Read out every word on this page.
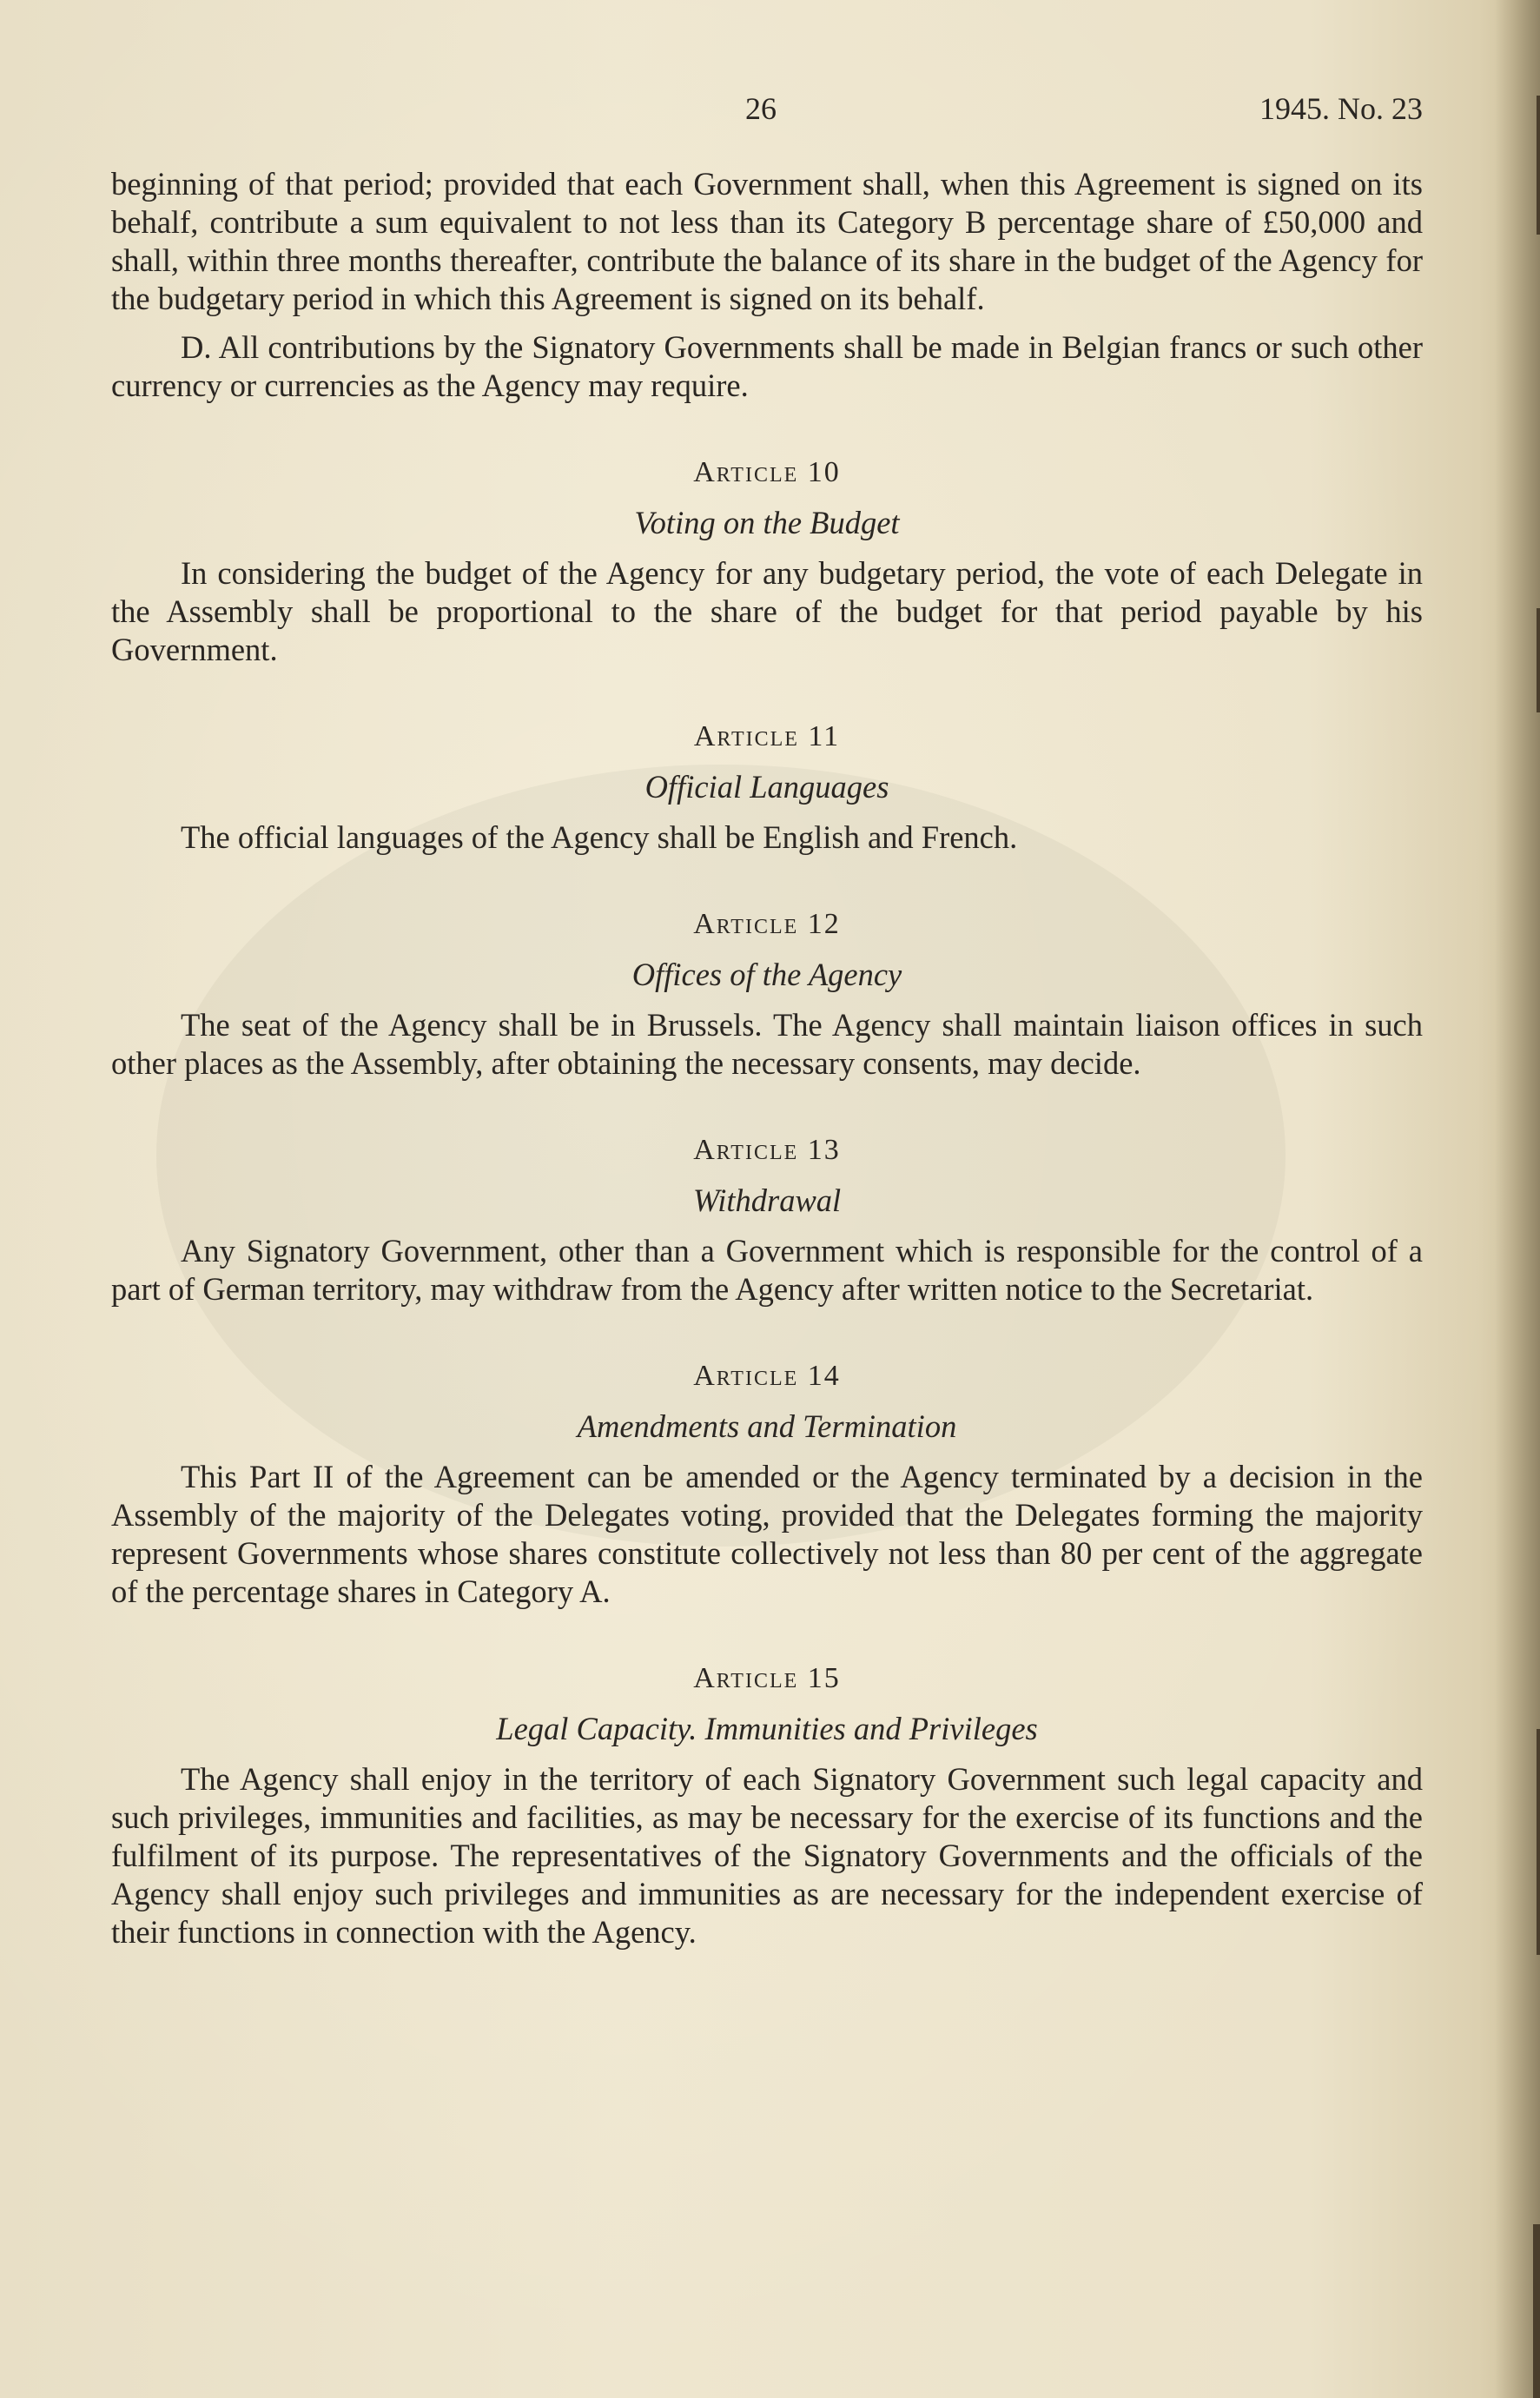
26	1945. No. 23

beginning of that period; provided that each Government shall, when this Agreement is signed on its behalf, contribute a sum equivalent to not less than its Category B percentage share of £50,000 and shall, within three months thereafter, contribute the balance of its share in the budget of the Agency for the budgetary period in which this Agreement is signed on its behalf.

D. All contributions by the Signatory Governments shall be made in Belgian francs or such other currency or currencies as the Agency may require.

Article 10

Voting on the Budget

In considering the budget of the Agency for any budgetary period, the vote of each Delegate in the Assembly shall be proportional to the share of the budget for that period payable by his Government.

Article 11

Official Languages

The official languages of the Agency shall be English and French.

Article 12

Offices of the Agency

The seat of the Agency shall be in Brussels. The Agency shall maintain liaison offices in such other places as the Assembly, after obtaining the necessary consents, may decide.

Article 13

Withdrawal

Any Signatory Government, other than a Government which is responsible for the control of a part of German territory, may withdraw from the Agency after written notice to the Secretariat.

Article 14

Amendments and Termination

This Part II of the Agreement can be amended or the Agency terminated by a decision in the Assembly of the majority of the Delegates voting, provided that the Delegates forming the majority represent Governments whose shares constitute collectively not less than 80 per cent of the aggregate of the percentage shares in Category A.

Article 15

Legal Capacity. Immunities and Privileges

The Agency shall enjoy in the territory of each Signatory Government such legal capacity and such privileges, immunities and facilities, as may be necessary for the exercise of its functions and the fulfilment of its purpose. The representatives of the Signatory Governments and the officials of the Agency shall enjoy such privileges and immunities as are necessary for the independent exercise of their functions in connection with the Agency.
